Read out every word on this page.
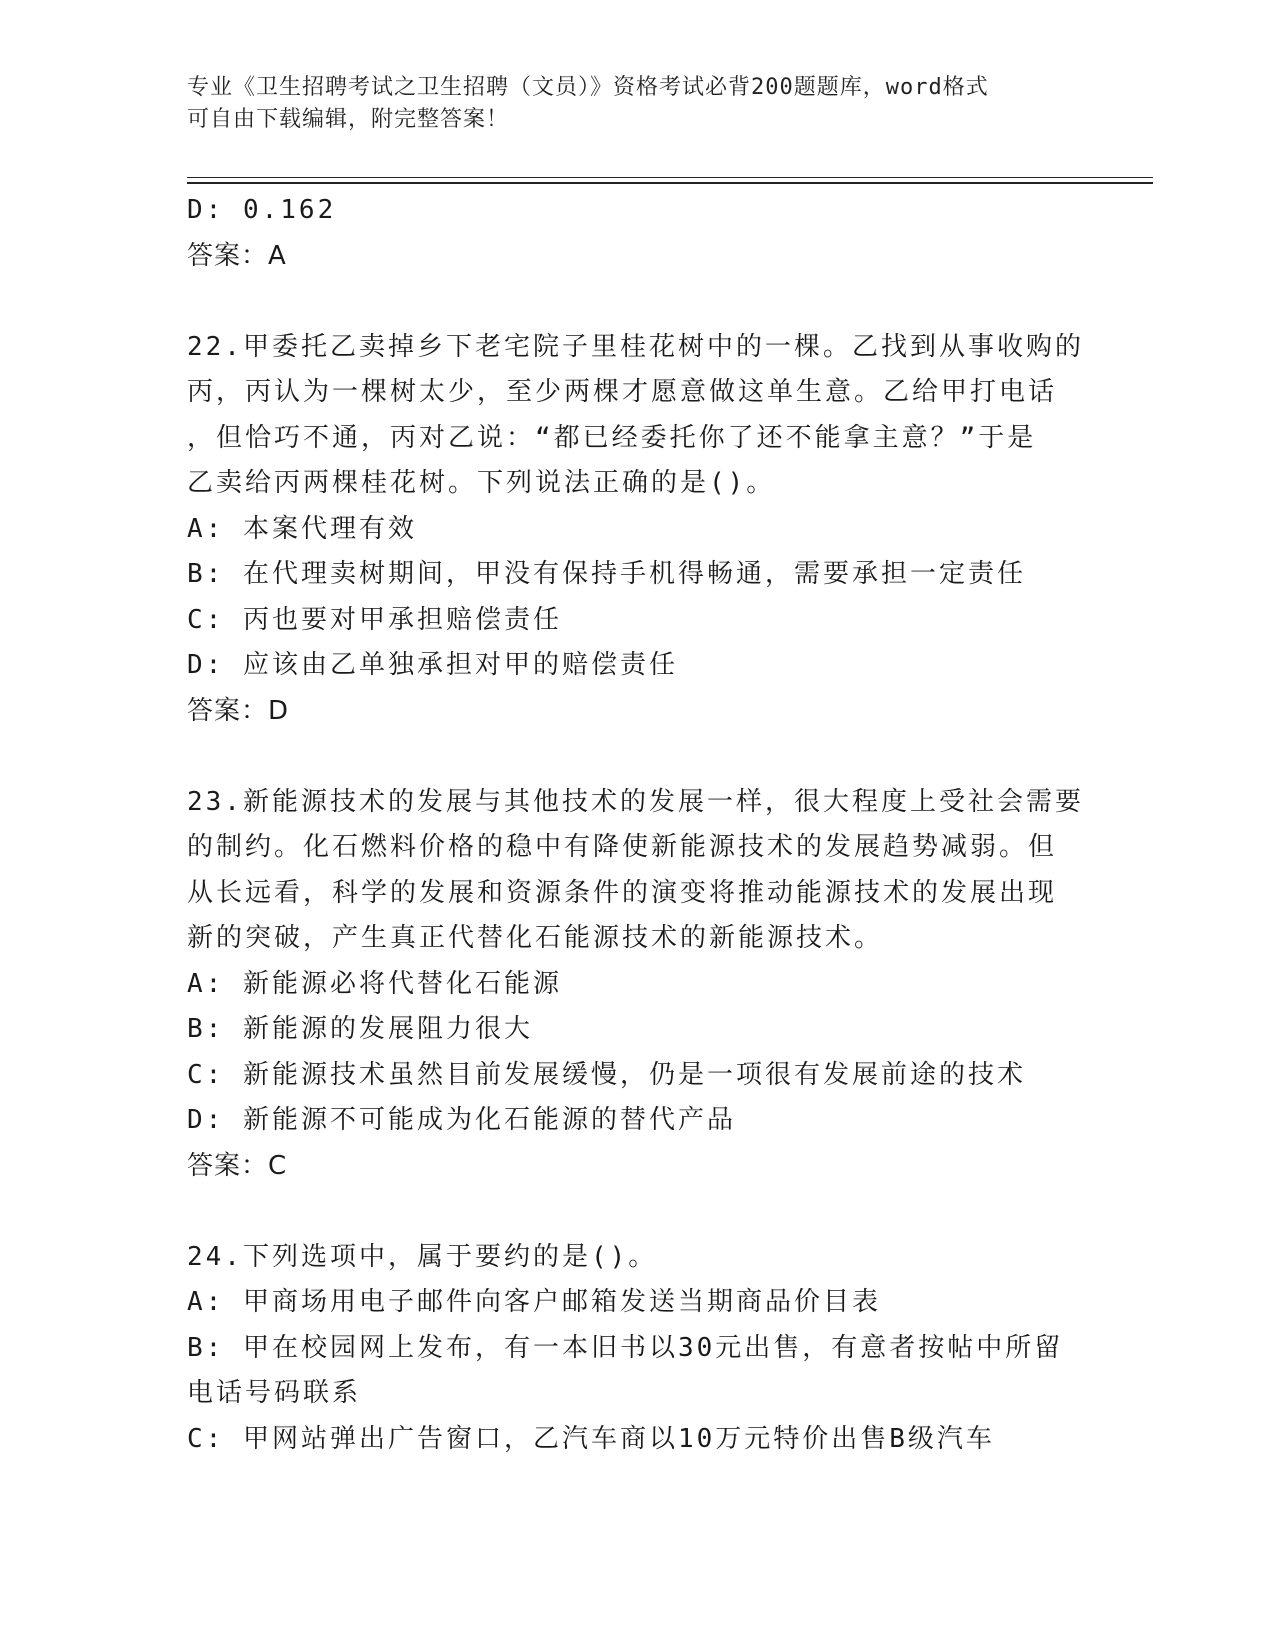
专业《卫生招聘考试之卫生招聘（文员）》资格考试必背200题题库，word格式
可自由下载编辑，附完整答案！
D: 0.162
答案：A
22.甲委托乙卖掉乡下老宅院子里桂花树中的一棵。乙找到从事收购的
丙，丙认为一棵树太少，至少两棵才愿意做这单生意。乙给甲打电话
，但恰巧不通，丙对乙说：“都已经委托你了还不能拿主意？”于是
乙卖给丙两棵桂花树。下列说法正确的是()。
A: 本案代理有效
B: 在代理卖树期间，甲没有保持手机得畅通，需要承担一定责任
C: 丙也要对甲承担赔偿责任
D: 应该由乙单独承担对甲的赔偿责任
答案：D
23.新能源技术的发展与其他技术的发展一样，很大程度上受社会需要
的制约。化石燃料价格的稳中有降使新能源技术的发展趋势减弱。但
从长远看，科学的发展和资源条件的演变将推动能源技术的发展出现
新的突破，产生真正代替化石能源技术的新能源技术。
A: 新能源必将代替化石能源
B: 新能源的发展阻力很大
C: 新能源技术虽然目前发展缓慢，仍是一项很有发展前途的技术
D: 新能源不可能成为化石能源的替代产品
答案：C
24.下列选项中，属于要约的是()。
A: 甲商场用电子邮件向客户邮箱发送当期商品价目表
B: 甲在校园网上发布，有一本旧书以30元出售，有意者按帖中所留
电话号码联系
C: 甲网站弹出广告窗口，乙汽车商以10万元特价出售B级汽车
